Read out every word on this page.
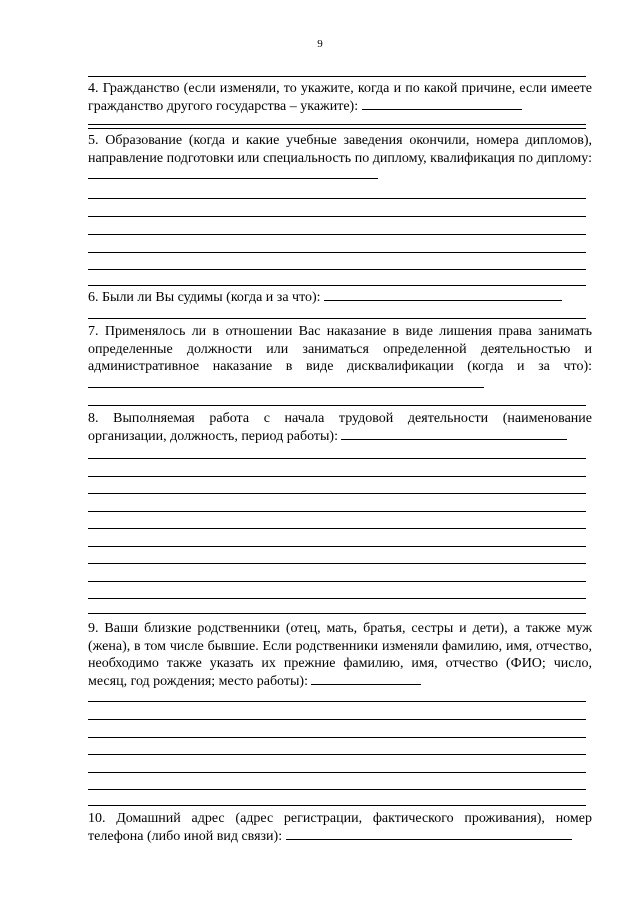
9
4. Гражданство (если изменяли, то укажите, когда и по какой причине, если имеете гражданство другого государства – укажите):
5. Образование (когда и какие учебные заведения окончили, номера дипломов), направление подготовки или специальность по диплому, квалификация по диплому:
6. Были ли Вы судимы (когда и за что):
7. Применялось ли в отношении Вас наказание в виде лишения права занимать определенные должности или заниматься определенной деятельностью и административное наказание в виде дисквалификации (когда и за что):
8. Выполняемая работа с начала трудовой деятельности (наименование организации, должность, период работы):
9. Ваши близкие родственники (отец, мать, братья, сестры и дети), а также муж (жена), в том числе бывшие. Если родственники изменяли фамилию, имя, отчество, необходимо также указать их прежние фамилию, имя, отчество (ФИО; число, месяц, год рождения; место работы):
10. Домашний адрес (адрес регистрации, фактического проживания), номер телефона (либо иной вид связи):
